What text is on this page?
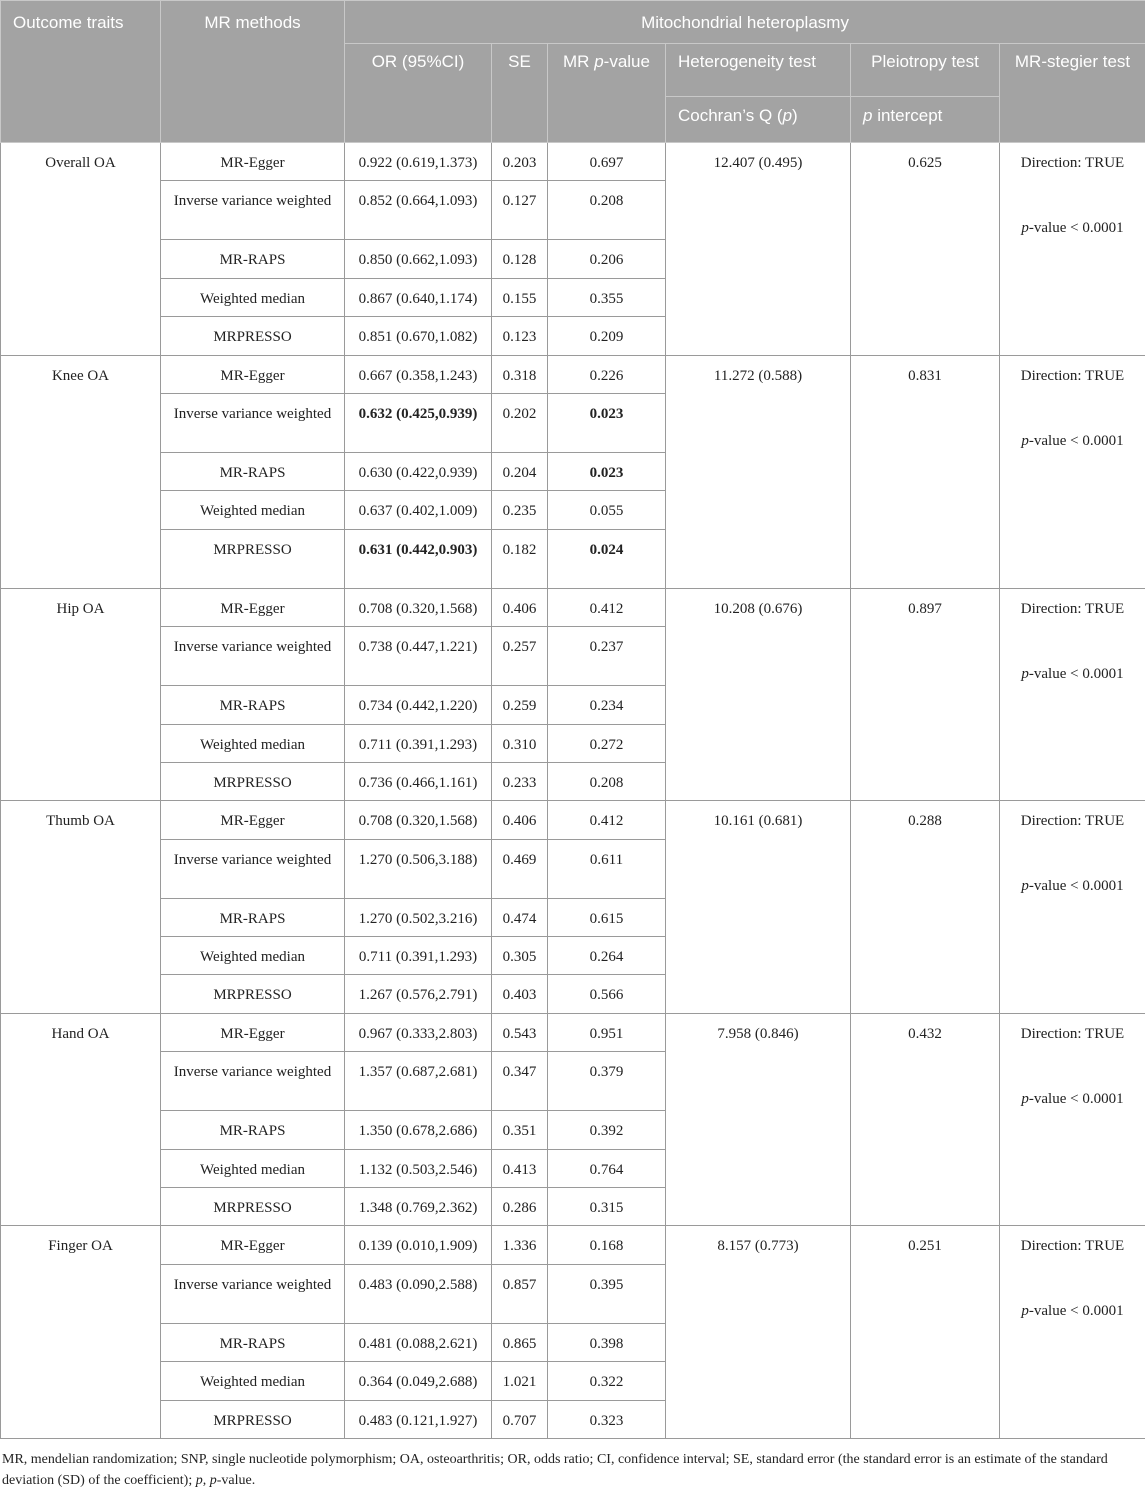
Outcome traits	MR methods	Mitochondrial heteroplasmy					
		OR (95%CI)	SE	MR p-value	Heterogeneity test	Pleiotropy test	MR-stegier test
					Cochran’s Q (p)	p intercept	
Overall OA	MR-Egger	0.922 (0.619,1.373)	0.203	0.697	12.407 (0.495)	0.625	Direction: TRUE
p-value < 0.0001

	Inverse variance weighted	0.852 (0.664,1.093)	0.127	0.208			
	MR-RAPS	0.850 (0.662,1.093)	0.128	0.206			
	Weighted median	0.867 (0.640,1.174)	0.155	0.355			
	MRPRESSO	0.851 (0.670,1.082)	0.123	0.209			
Knee OA	MR-Egger	0.667 (0.358,1.243)	0.318	0.226	11.272 (0.588)	0.831	Direction: TRUE
p-value < 0.0001

	Inverse variance weighted	0.632 (0.425,0.939)	0.202	0.023			
	MR-RAPS	0.630 (0.422,0.939)	0.204	0.023			
	Weighted median	0.637 (0.402,1.009)	0.235	0.055			
	MRPRESSO	0.631 (0.442,0.903)	0.182	0.024			
Hip OA	MR-Egger	0.708 (0.320,1.568)	0.406	0.412	10.208 (0.676)	0.897	Direction: TRUE
p-value < 0.0001

	Inverse variance weighted	0.738 (0.447,1.221)	0.257	0.237			
	MR-RAPS	0.734 (0.442,1.220)	0.259	0.234			
	Weighted median	0.711 (0.391,1.293)	0.310	0.272			
	MRPRESSO	0.736 (0.466,1.161)	0.233	0.208			
Thumb OA	MR-Egger	0.708 (0.320,1.568)	0.406	0.412	10.161 (0.681)	0.288	Direction: TRUE
p-value < 0.0001

	Inverse variance weighted	1.270 (0.506,3.188)	0.469	0.611			
	MR-RAPS	1.270 (0.502,3.216)	0.474	0.615			
	Weighted median	0.711 (0.391,1.293)	0.305	0.264			
	MRPRESSO	1.267 (0.576,2.791)	0.403	0.566			
Hand OA	MR-Egger	0.967 (0.333,2.803)	0.543	0.951	7.958 (0.846)	0.432	Direction: TRUE
p-value < 0.0001

	Inverse variance weighted	1.357 (0.687,2.681)	0.347	0.379			
	MR-RAPS	1.350 (0.678,2.686)	0.351	0.392			
	Weighted median	1.132 (0.503,2.546)	0.413	0.764			
	MRPRESSO	1.348 (0.769,2.362)	0.286	0.315			
Finger OA	MR-Egger	0.139 (0.010,1.909)	1.336	0.168	8.157 (0.773)	0.251	Direction: TRUE
p-value < 0.0001

	Inverse variance weighted	0.483 (0.090,2.588)	0.857	0.395			
	MR-RAPS	0.481 (0.088,2.621)	0.865	0.398			
	Weighted median	0.364 (0.049,2.688)	1.021	0.322			
	MRPRESSO	0.483 (0.121,1.927)	0.707	0.323			
MR, mendelian randomization; SNP, single nucleotide polymorphism; OA, osteoarthritis; OR, odds ratio; CI, confidence interval; SE, standard error (the standard error is an estimate of the standard deviation (SD) of the coefficient); p, p-value.
